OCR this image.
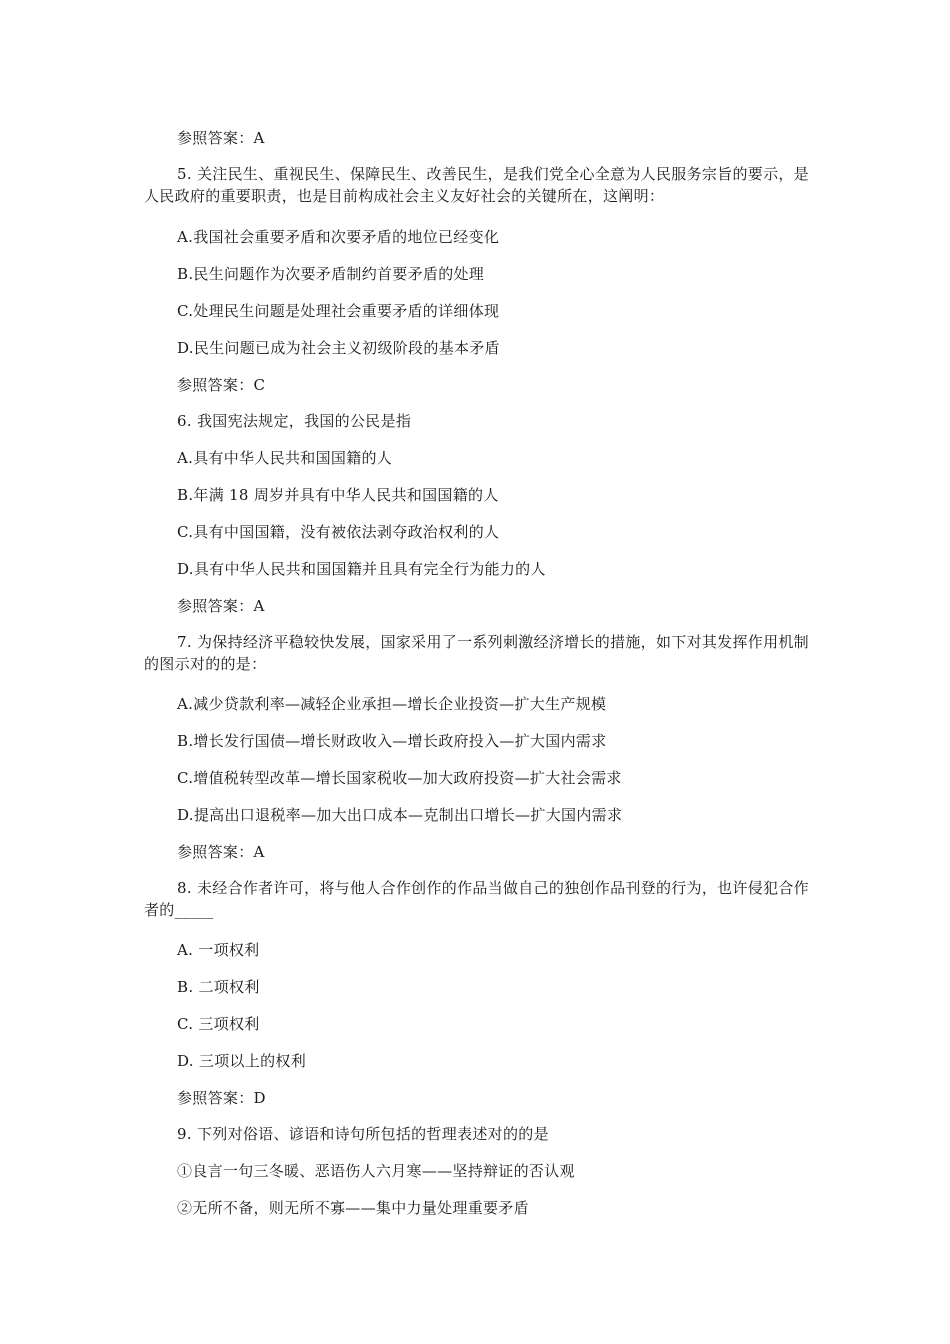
参照答案：A
5. 关注民生、重视民生、保障民生、改善民生，是我们党全心全意为人民服务宗旨的要示，是人民政府的重要职责，也是目前构成社会主义友好社会的关键所在，这阐明：
A.我国社会重要矛盾和次要矛盾的地位已经变化
B.民生问题作为次要矛盾制约首要矛盾的处理
C.处理民生问题是处理社会重要矛盾的详细体现
D.民生问题已成为社会主义初级阶段的基本矛盾
参照答案：C
6. 我国宪法规定，我国的公民是指
A.具有中华人民共和国国籍的人
B.年满 18 周岁并具有中华人民共和国国籍的人
C.具有中国国籍，没有被依法剥夺政治权利的人
D.具有中华人民共和国国籍并且具有完全行为能力的人
参照答案：A
7. 为保持经济平稳较快发展，国家采用了一系列刺激经济增长的措施，如下对其发挥作用机制的图示对的的是：
A.减少贷款利率—减轻企业承担—增长企业投资—扩大生产规模
B.增长发行国债—增长财政收入—增长政府投入—扩大国内需求
C.增值税转型改革—增长国家税收—加大政府投资—扩大社会需求
D.提高出口退税率—加大出口成本—克制出口增长—扩大国内需求
参照答案：A
8. 未经合作者许可，将与他人合作创作的作品当做自己的独创作品刊登的行为，也许侵犯合作者的_____
A. 一项权利
B. 二项权利
C. 三项权利
D. 三项以上的权利
参照答案：D
9. 下列对俗语、谚语和诗句所包括的哲理表述对的的是
①良言一句三冬暖、恶语伤人六月寒——坚持辩证的否认观
②无所不备，则无所不寡——集中力量处理重要矛盾
